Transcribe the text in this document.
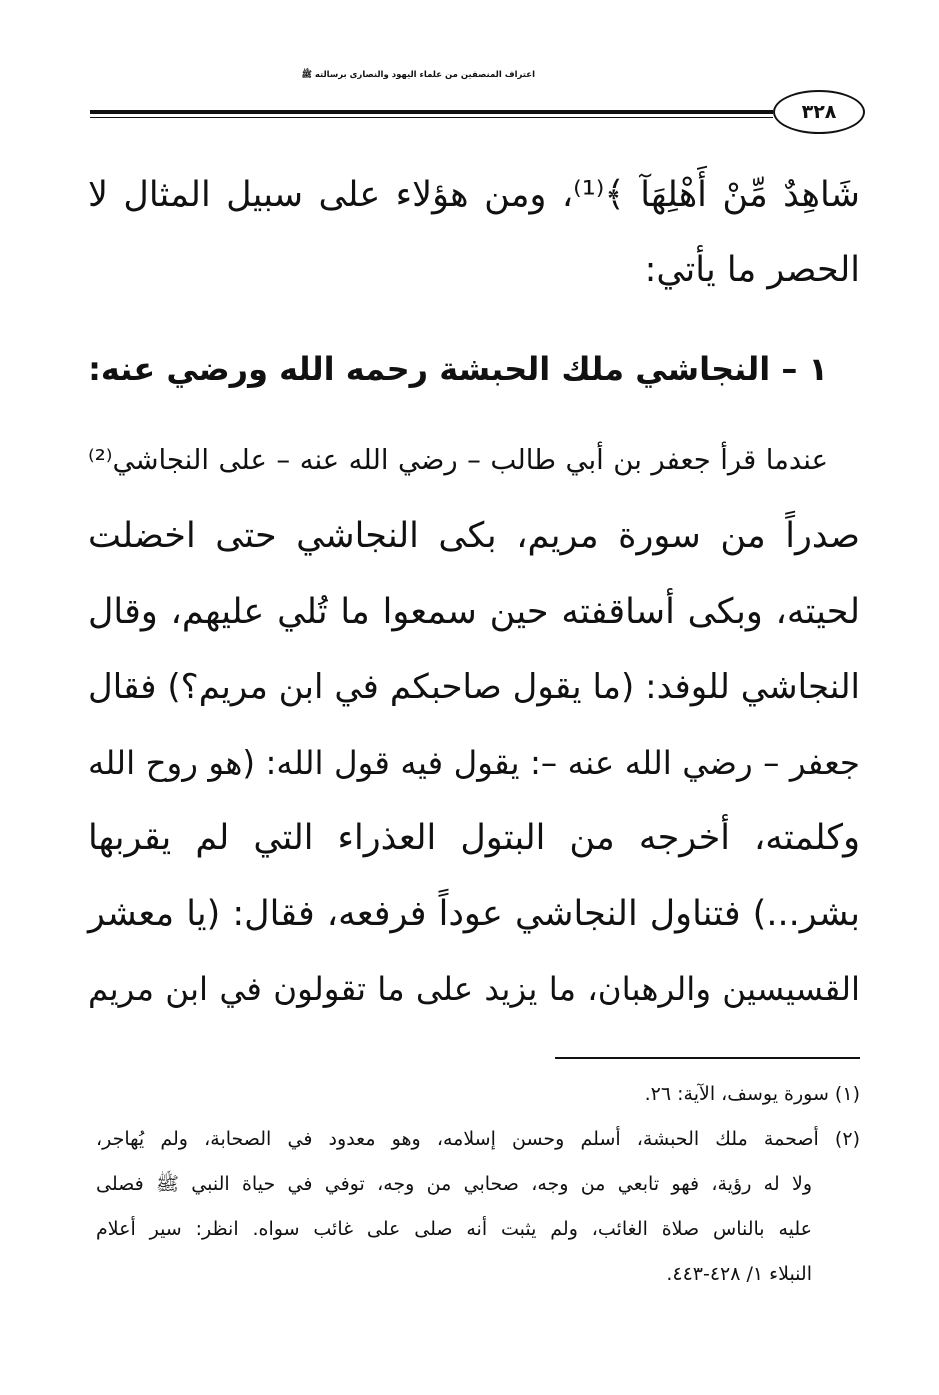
اعتراف المنصفين من علماء اليهود والنصارى برسالته ﷺ
٣٢٨
شَاهِدٌ مِّنْ أَهْلِهَآ ﴾⁽¹⁾، ومن هؤلاء على سبيل المثال لا
الحصر ما يأتي:
١ – النجاشي ملك الحبشة رحمه الله ورضي عنه:
عندما قرأ جعفر بن أبي طالب – رضي الله عنه – على النجاشي⁽²⁾
صدراً من سورة مريم، بكى النجاشي حتى اخضلت
لحيته، وبكى أساقفته حين سمعوا ما تُلي عليهم، وقال
النجاشي للوفد: (ما يقول صاحبكم في ابن مريم؟) فقال
جعفر – رضي الله عنه –: يقول فيه قول الله: (هو روح الله
وكلمته، أخرجه من البتول العذراء التي لم يقربها
بشر...) فتناول النجاشي عوداً فرفعه، فقال: (يا معشر
القسيسين والرهبان، ما يزيد على ما تقولون في ابن مريم
(١) سورة يوسف، الآية: ٢٦.
(٢) أصحمة ملك الحبشة، أسلم وحسن إسلامه، وهو معدود في الصحابة، ولم يُهاجر،
ولا له رؤية، فهو تابعي من وجه، صحابي من وجه، توفي في حياة النبي ﷺ فصلى
عليه بالناس صلاة الغائب، ولم يثبت أنه صلى على غائب سواه. انظر: سير أعلام
النبلاء ١/ ٤٢٨-٤٤٣.
